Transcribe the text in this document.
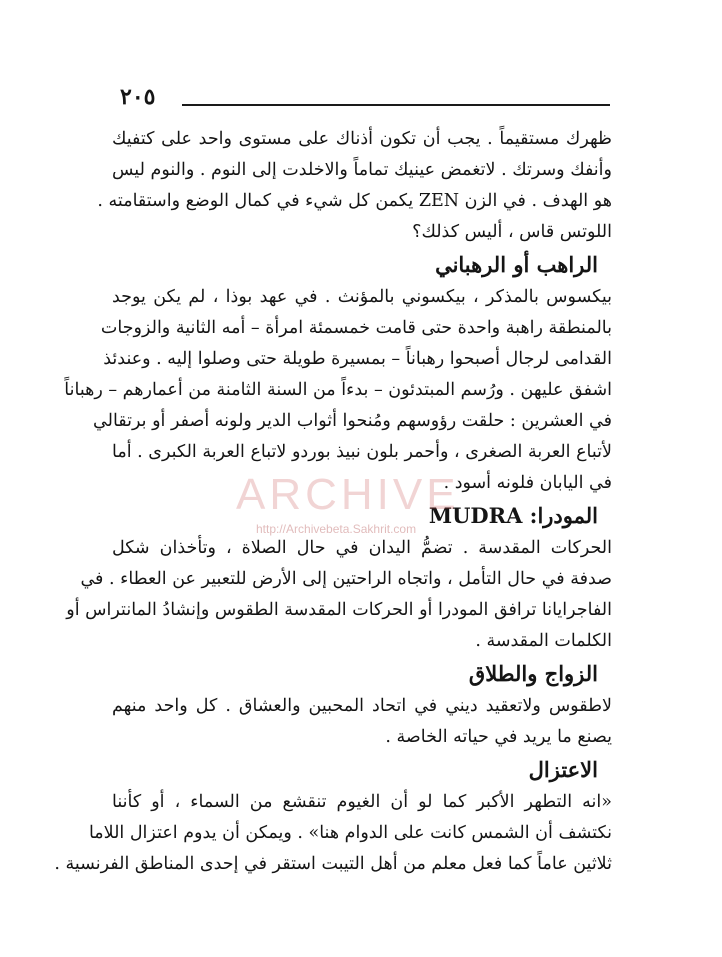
٢٠٥
ظهرك مستقيماً . يجب أن تكون أذناك على مستوى واحد على كتفيك
وأنفك وسرتك . لاتغمض عينيك تماماً والاخلدت إلى النوم . والنوم ليس
هو الهدف . في الزن ZEN يكمن كل شيء في كمال الوضع واستقامته .
اللوتس قاس ، أليس كذلك؟
الراهب أو الرهباني
بيكسوس بالمذكر ، بيكسوني بالمؤنث . في عهد بوذا ، لم يكن يوجد
بالمنطقة راهبة واحدة حتى قامت خمسمئة امرأة – أمه الثانية والزوجات
القدامى لرجال أصبحوا رهباناً – بمسيرة طويلة حتى وصلوا إليه . وعندئذ
اشفق عليهن . ورُسم المبتدئون – بدءاً من السنة الثامنة من أعمارهم – رهباناً
في العشرين : حلقت رؤوسهم ومُنحوا أثواب الدير ولونه أصفر أو برتقالي
لأتباع العربة الصغرى ، وأحمر بلون نبيذ بوردو لاتباع العربة الكبرى . أما
في اليابان فلونه أسود .
المودرا: MUDRA
الحركات المقدسة . تضمُّ اليدان في حال الصلاة ، وتأخذان شكل
صدفة في حال التأمل ، واتجاه الراحتين إلى الأرض للتعبير عن العطاء . في
الفاجرايانا ترافق المودرا أو الحركات المقدسة الطقوس وإنشادُ المانتراس أو
الكلمات المقدسة .
الزواج والطلاق
لاطقوس ولاتعقيد ديني في اتحاد المحبين والعشاق . كل واحد منهم
يصنع ما يريد في حياته الخاصة .
الاعتزال
«انه التطهر الأكبر كما لو أن الغيوم تنقشع من السماء ، أو كأننا
نكتشف أن الشمس كانت على الدوام هنا» . ويمكن أن يدوم اعتزال اللاما
ثلاثين عاماً كما فعل معلم من أهل التيبت استقر في إحدى المناطق الفرنسية .
ARCHIVE
http://Archivebeta.Sakhrit.com
